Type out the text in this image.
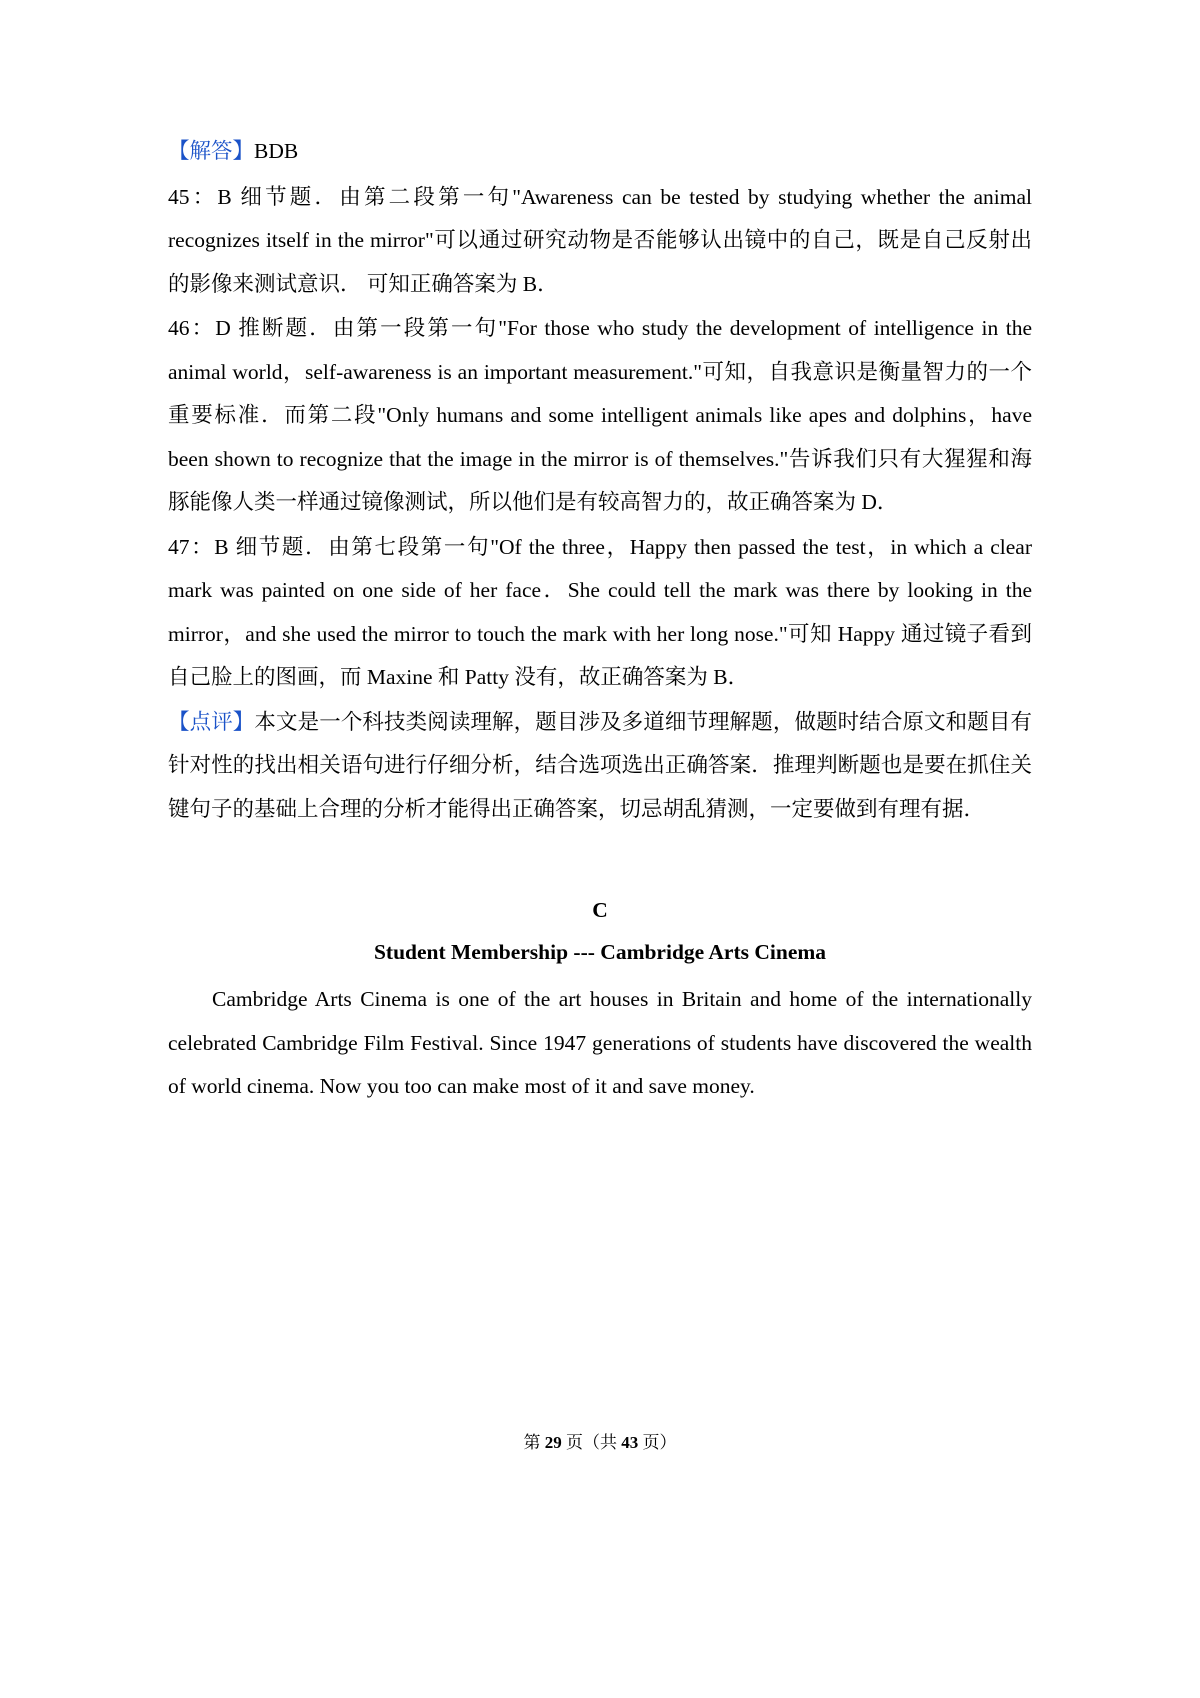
【解答】BDB

45：B 细节题．由第二段第一句"Awareness can be tested by studying whether the animal recognizes itself in the mirror"可以通过研究动物是否能够认出镜中的自己，既是自己反射出的影像来测试意识． 可知正确答案为 B．

46：D 推断题．由第一段第一句"For those who study the development of intelligence in the animal world，self-awareness is an important measurement."可知，自我意识是衡量智力的一个重要标准．而第二段"Only humans and some intelligent animals like apes and dolphins，have been shown to recognize that the image in the mirror is of themselves."告诉我们只有大猩猩和海豚能像人类一样通过镜像测试，所以他们是有较高智力的，故正确答案为 D．

47：B 细节题．由第七段第一句"Of the three，Happy then passed the test，in which a clear mark was painted on one side of her face．She could tell the mark was there by looking in the mirror，and she used the mirror to touch the mark with her long nose."可知 Happy 通过镜子看到自己脸上的图画，而 Maxine 和 Patty 没有，故正确答案为 B．

【点评】本文是一个科技类阅读理解，题目涉及多道细节理解题，做题时结合原文和题目有针对性的找出相关语句进行仔细分析，结合选项选出正确答案．推理判断题也是要在抓住关键句子的基础上合理的分析才能得出正确答案，切忌胡乱猜测，一定要做到有理有据．

C

Student Membership --- Cambridge Arts Cinema

Cambridge Arts Cinema is one of the art houses in Britain and home of the internationally celebrated Cambridge Film Festival. Since 1947 generations of students have discovered the wealth of world cinema. Now you too can make most of it and save money.

第 29 页（共 43 页）
